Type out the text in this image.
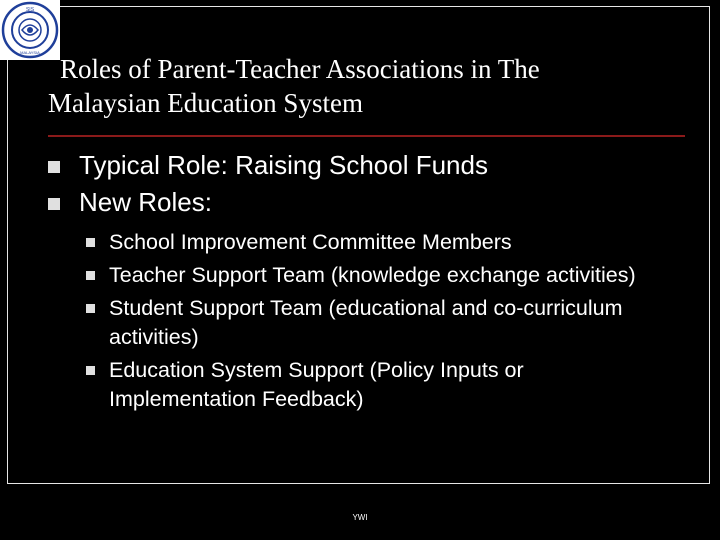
SIS
MALAYSIA
Roles of Parent-Teacher Associations in The
Malaysian Education System
Typical Role: Raising School Funds
New Roles:
School Improvement Committee Members
Teacher Support Team (knowledge exchange activities)
Student Support Team (educational and co-curriculum activities)
Education System Support (Policy Inputs or Implementation Feedback)
YWI
